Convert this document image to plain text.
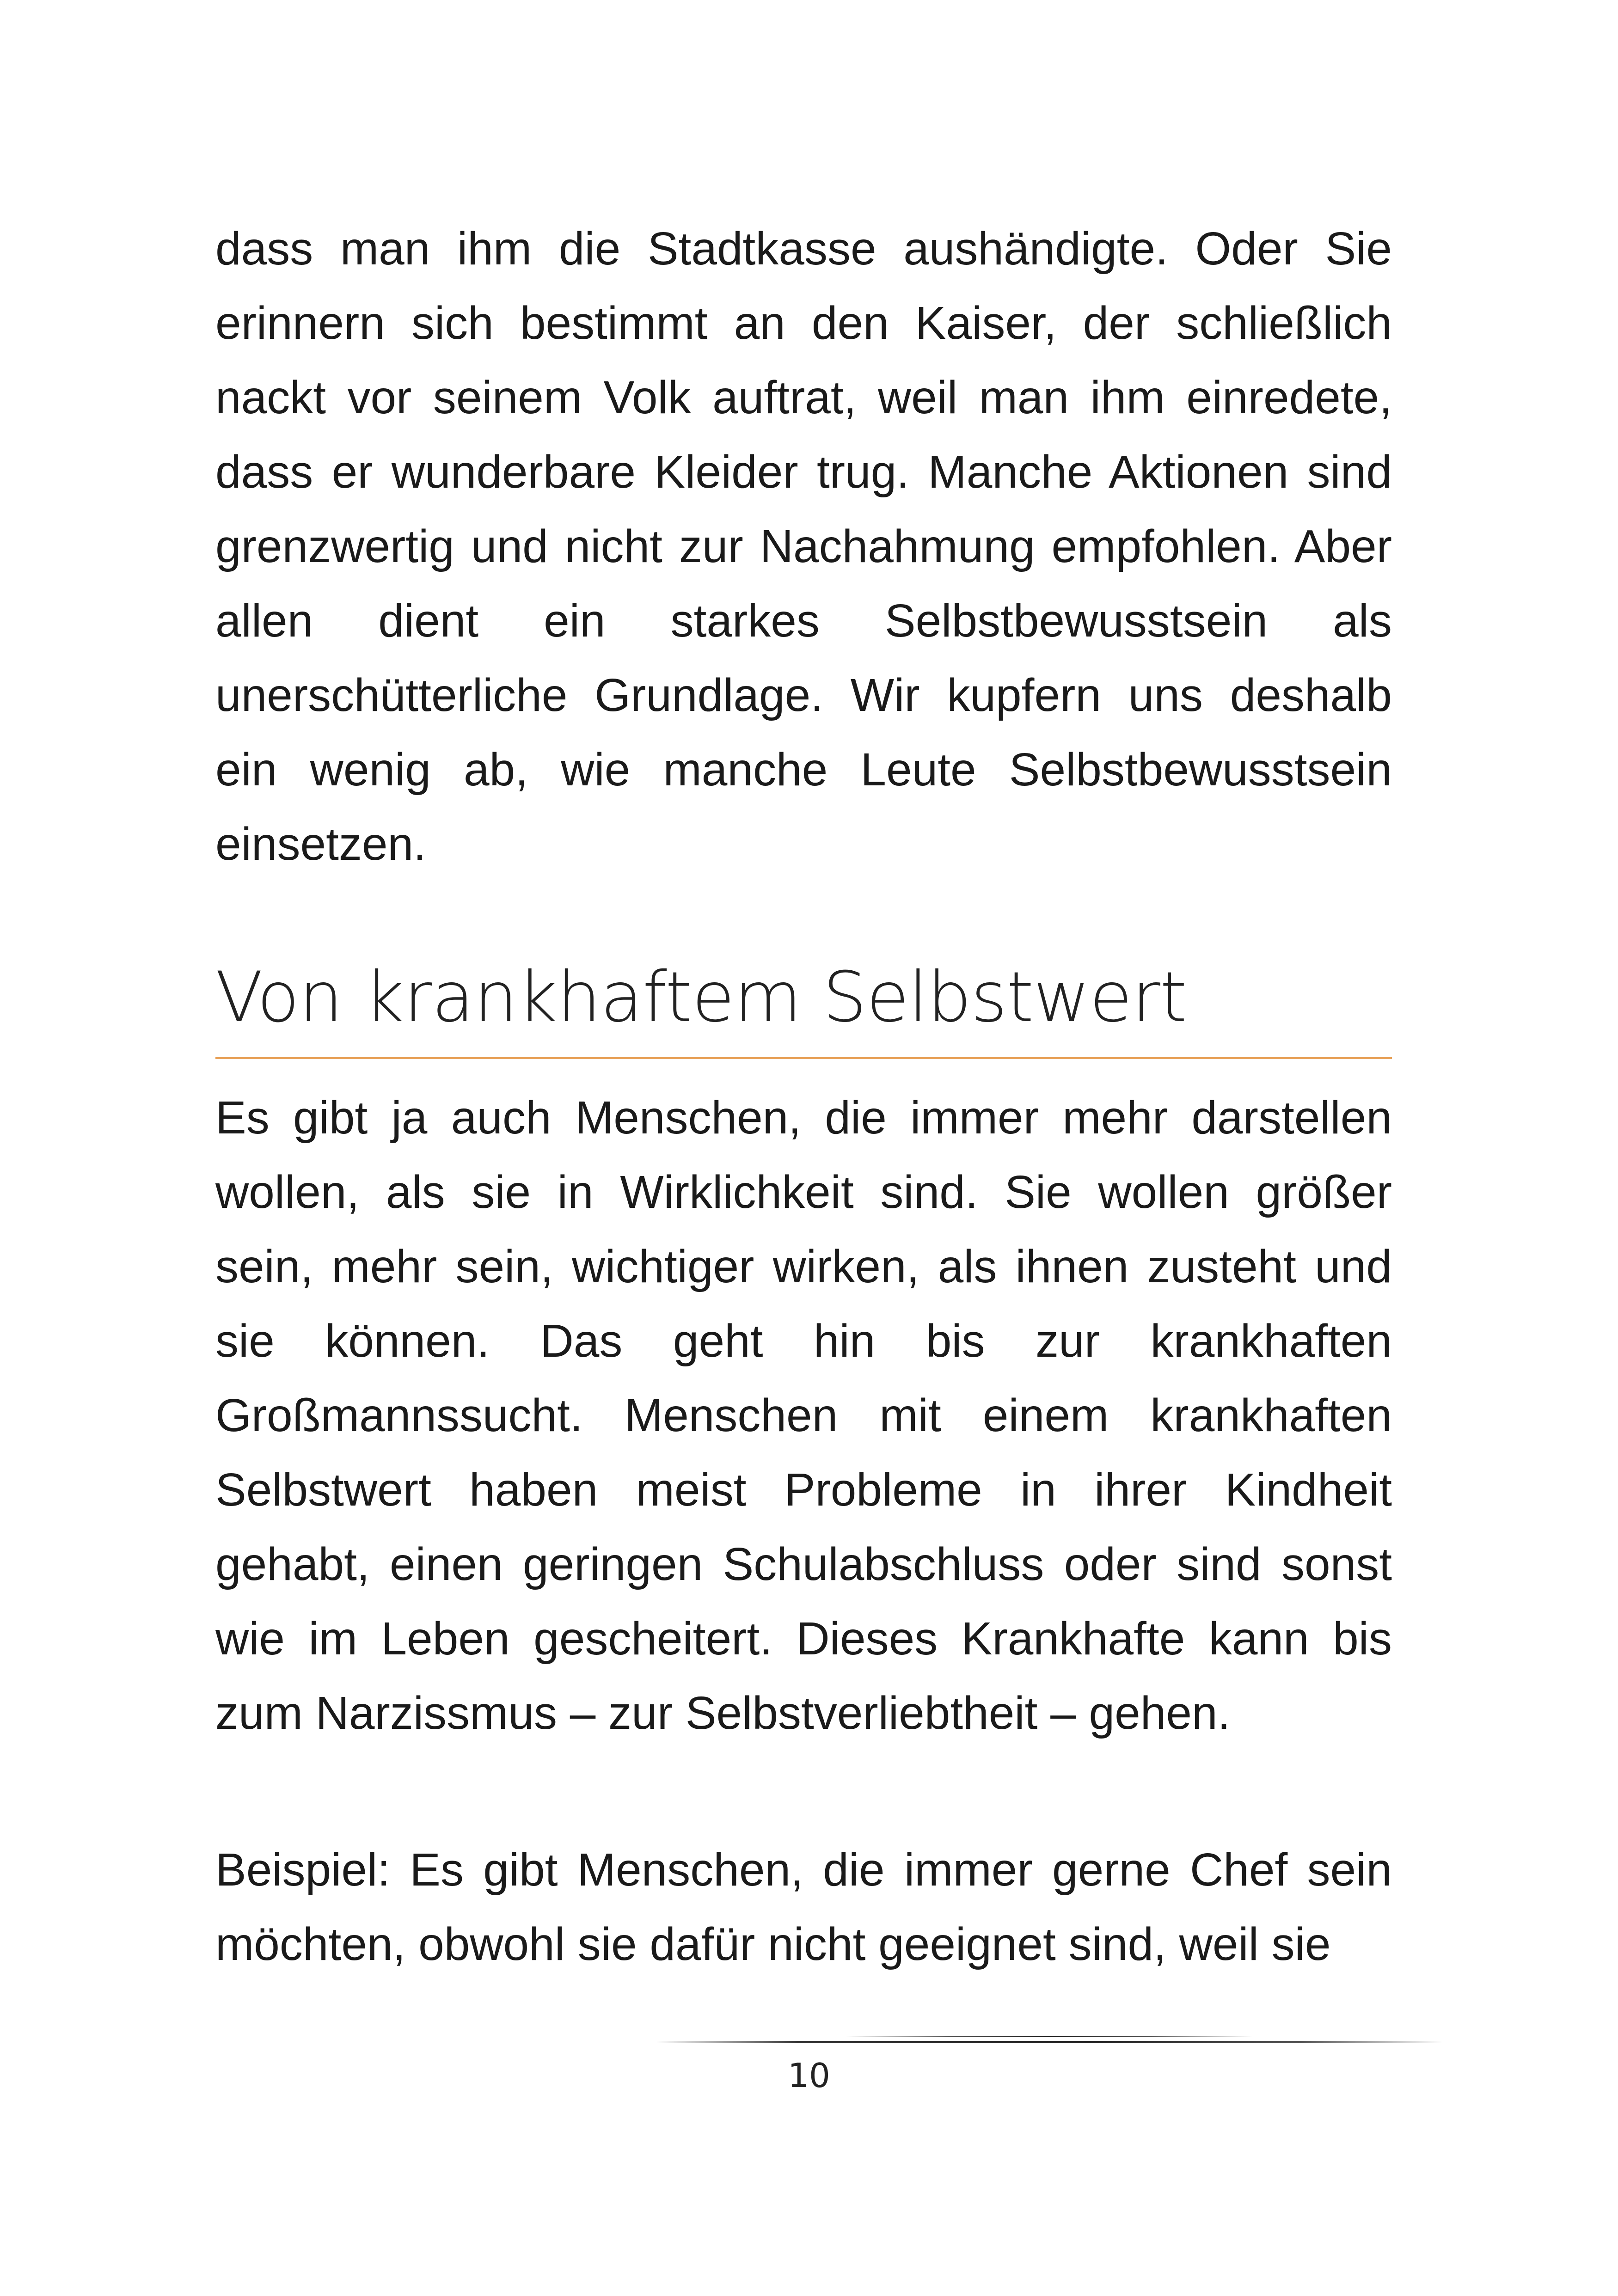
dass man ihm die Stadtkasse aushändigte. Oder Sie erinnern sich bestimmt an den Kaiser, der schließlich nackt vor seinem Volk auftrat, weil man ihm einredete, dass er wunderbare Kleider trug. Manche Aktionen sind grenzwertig und nicht zur Nachahmung empfohlen. Aber allen dient ein starkes Selbstbewusstsein als unerschütterliche Grundlage. Wir kupfern uns deshalb ein wenig ab, wie manche Leute Selbstbewusstsein einsetzen.

Von krankhaftem Selbstwert

Es gibt ja auch Menschen, die immer mehr darstellen wollen, als sie in Wirklichkeit sind. Sie wollen größer sein, mehr sein, wichtiger wirken, als ihnen zusteht und sie können. Das geht hin bis zur krankhaften Großmannssucht. Menschen mit einem krankhaften Selbstwert haben meist Probleme in ihrer Kindheit gehabt, einen geringen Schulabschluss oder sind sonst wie im Leben gescheitert. Dieses Krankhafte kann bis zum Narzissmus – zur Selbstverliebtheit – gehen.

Beispiel: Es gibt Menschen, die immer gerne Chef sein möchten, obwohl sie dafür nicht geeignet sind, weil sie

10
